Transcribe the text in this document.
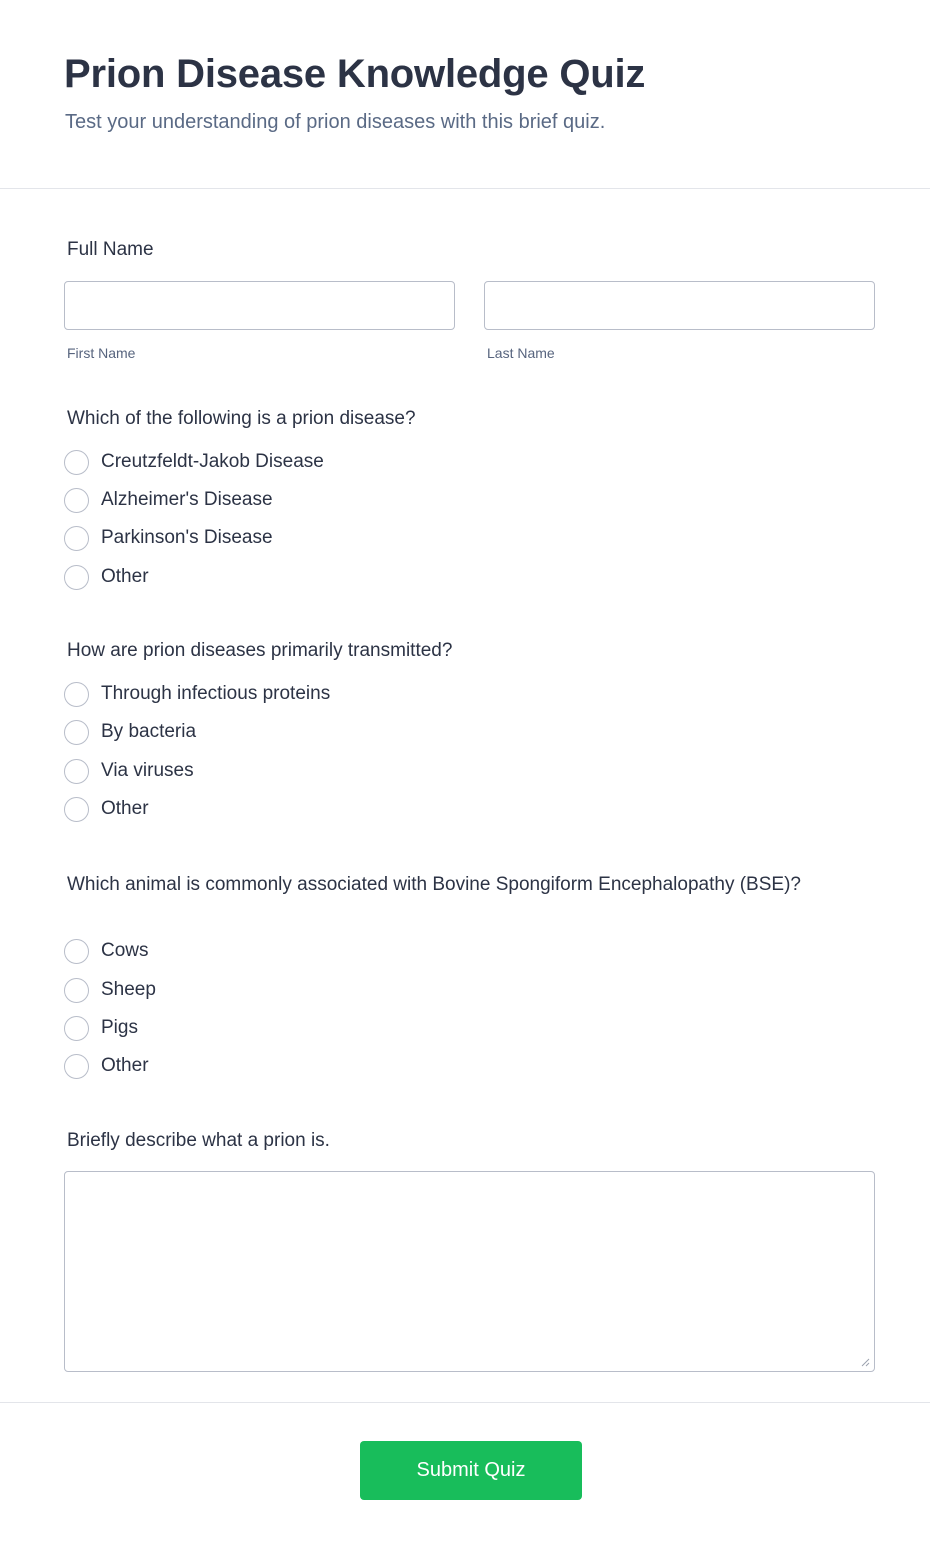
Prion Disease Knowledge Quiz
Test your understanding of prion diseases with this brief quiz.
Full Name
First Name	Last Name
Which of the following is a prion disease?
Creutzfeldt-Jakob Disease
Alzheimer's Disease
Parkinson's Disease
Other
How are prion diseases primarily transmitted?
Through infectious proteins
By bacteria
Via viruses
Other
Which animal is commonly associated with Bovine Spongiform Encephalopathy (BSE)?
Cows
Sheep
Pigs
Other
Briefly describe what a prion is.
Submit Quiz
